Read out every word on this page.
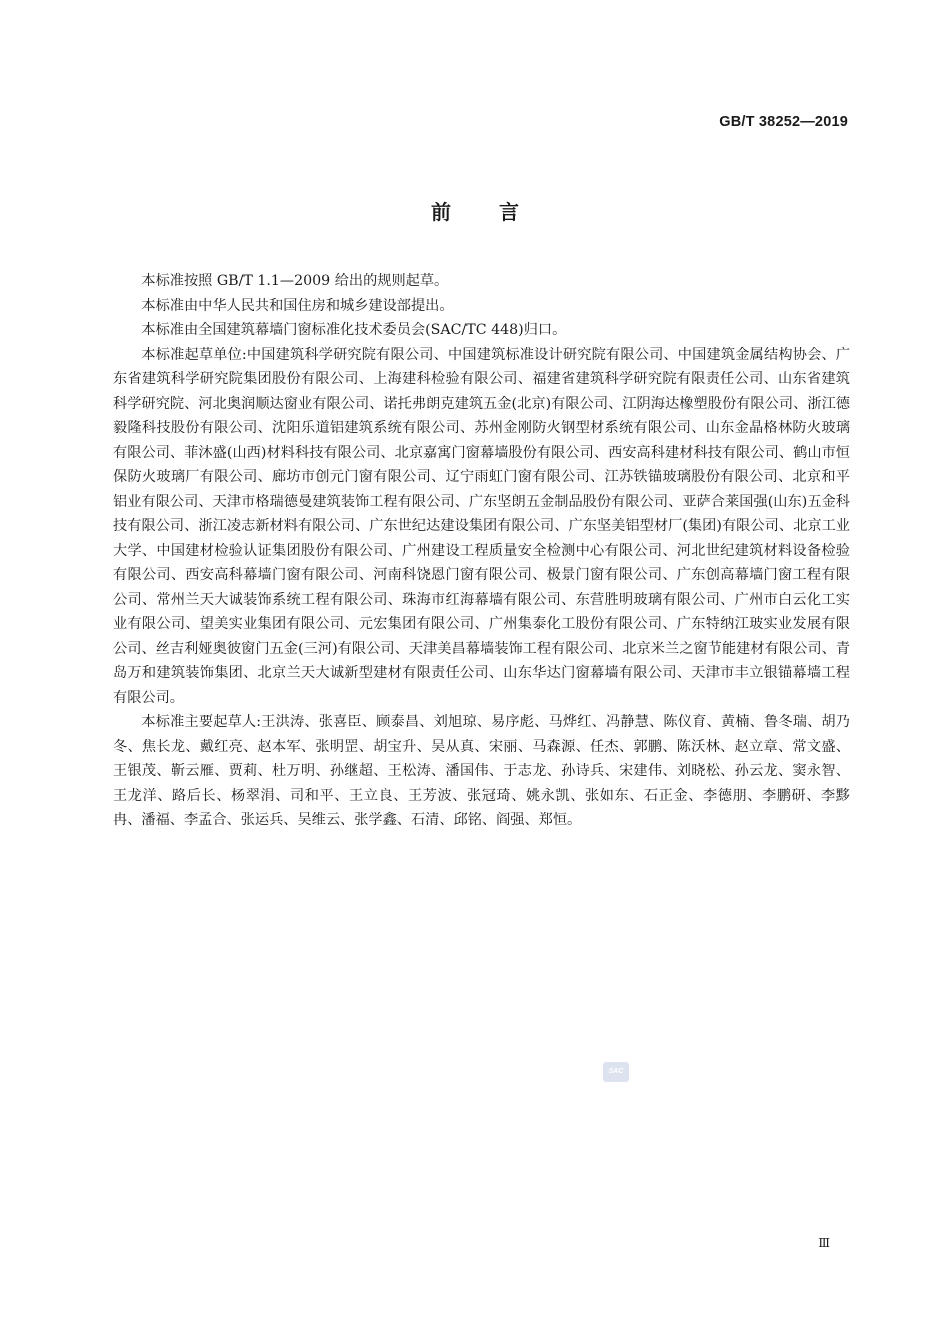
GB/T 38252—2019
前言

本标准按照 GB/T 1.1—2009 给出的规则起草。

本标准由中华人民共和国住房和城乡建设部提出。

本标准由全国建筑幕墙门窗标准化技术委员会(SAC/TC 448)归口。

本标准起草单位:中国建筑科学研究院有限公司、中国建筑标准设计研究院有限公司、中国建筑金属结构协会、广东省建筑科学研究院集团股份有限公司、上海建科检验有限公司、福建省建筑科学研究院有限责任公司、山东省建筑科学研究院、河北奥润顺达窗业有限公司、诺托弗朗克建筑五金(北京)有限公司、江阴海达橡塑股份有限公司、浙江德毅隆科技股份有限公司、沈阳乐道铝建筑系统有限公司、苏州金刚防火钢型材系统有限公司、山东金晶格林防火玻璃有限公司、菲沐盛(山西)材料科技有限公司、北京嘉寓门窗幕墙股份有限公司、西安高科建材科技有限公司、鹤山市恒保防火玻璃厂有限公司、廊坊市创元门窗有限公司、辽宁雨虹门窗有限公司、江苏铁锚玻璃股份有限公司、北京和平铝业有限公司、天津市格瑞德曼建筑装饰工程有限公司、广东坚朗五金制品股份有限公司、亚萨合莱国强(山东)五金科技有限公司、浙江凌志新材料有限公司、广东世纪达建设集团有限公司、广东坚美铝型材厂(集团)有限公司、北京工业大学、中国建材检验认证集团股份有限公司、广州建设工程质量安全检测中心有限公司、河北世纪建筑材料设备检验有限公司、西安高科幕墙门窗有限公司、河南科饶恩门窗有限公司、极景门窗有限公司、广东创高幕墙门窗工程有限公司、常州兰天大诚装饰系统工程有限公司、珠海市红海幕墙有限公司、东营胜明玻璃有限公司、广州市白云化工实业有限公司、望美实业集团有限公司、元宏集团有限公司、广州集泰化工股份有限公司、广东特纳江玻实业发展有限公司、丝吉利娅奥彼窗门五金(三河)有限公司、天津美昌幕墙装饰工程有限公司、北京米兰之窗节能建材有限公司、青岛万和建筑装饰集团、北京兰天大诚新型建材有限责任公司、山东华达门窗幕墙有限公司、天津市丰立银锚幕墙工程有限公司。

本标准主要起草人:王洪涛、张喜臣、顾泰昌、刘旭琼、易序彪、马烨红、冯静慧、陈仪育、黄楠、鲁冬瑞、胡乃冬、焦长龙、戴红亮、赵本军、张明罡、胡宝升、吴从真、宋丽、马森源、任杰、郭鹏、陈沃林、赵立章、常文盛、王银茂、靳云雁、贾莉、杜万明、孙继超、王松涛、潘国伟、于志龙、孙诗兵、宋建伟、刘晓松、孙云龙、窦永智、王龙洋、路后长、杨翠涓、司和平、王立良、王芳波、张冠琦、姚永凯、张如东、石正金、李德朋、李鹏研、李黟冉、潘福、李孟合、张运兵、吴维云、张学鑫、石清、邱铭、阎强、郑恒。

SAC
Ⅲ
